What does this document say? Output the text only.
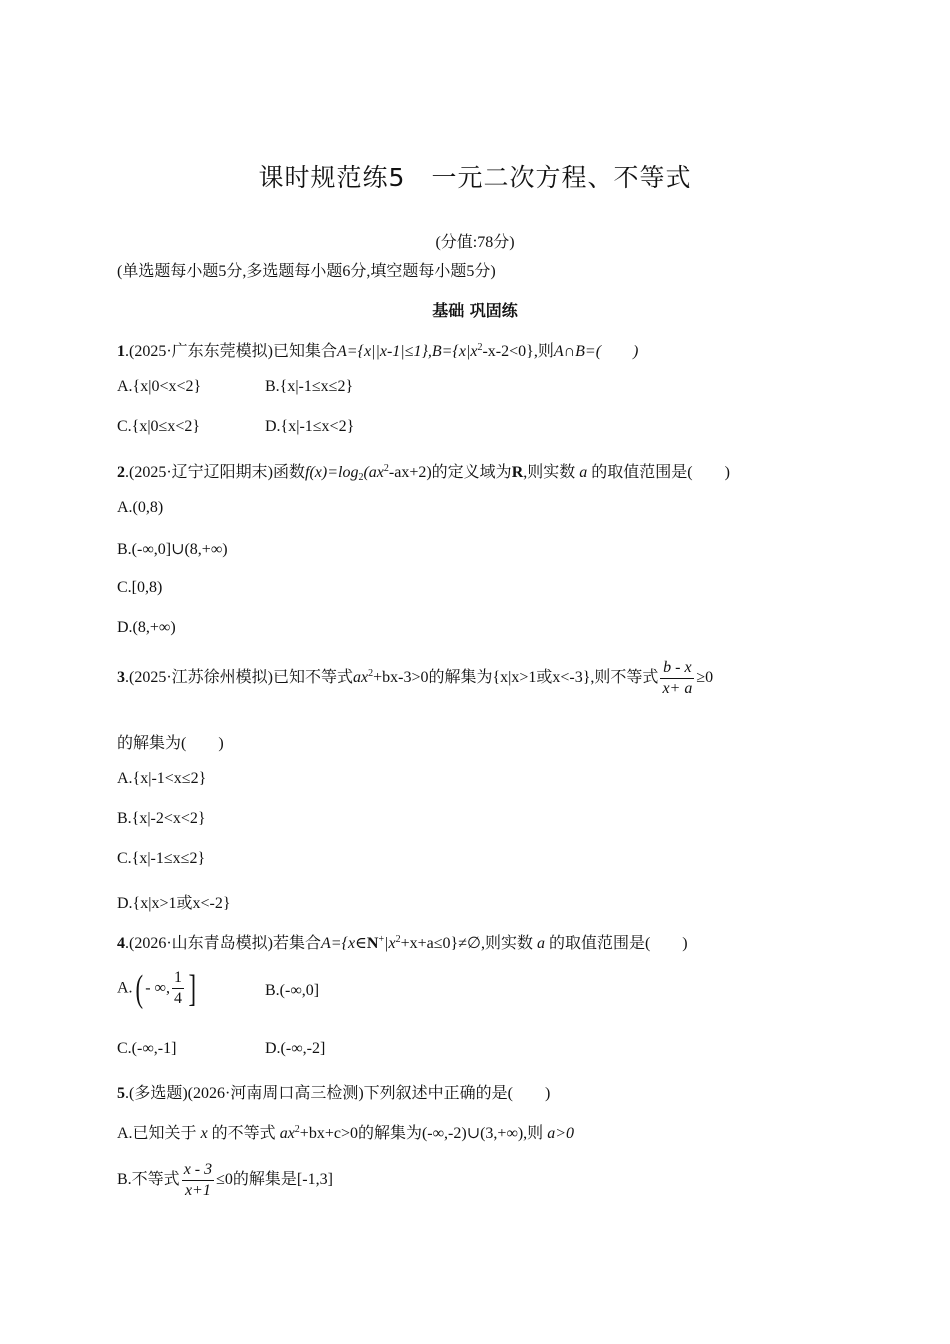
课时规范练5　一元二次方程、不等式
(分值:78分)
(单选题每小题5分,多选题每小题6分,填空题每小题5分)
基础 巩固练
1.(2025·广东东莞模拟)已知集合$A=\{x||x-1|\le 1\},B=\{x|x^2-x-2<0\}$,则A∩B=(　　)
A.{x|0<x<2}	B.{x|-1≤x≤2}
C.{x|0≤x<2}	D.{x|-1≤x<2}
2.(2025·辽宁辽阳期末)函数$f(x)=\log_2(ax^2-ax+2)$的定义域为R,则实数 a 的取值范围是(　　)
A.(0,8)
B.(-∞,0]∪(8,+∞)
C.[0,8)
D.(8,+∞)
3.(2025·江苏徐州模拟)已知不等式$ax^2+bx-3>0$的解集为{x|x>1或x<-3},则不等式 $\frac{b - x}{x+ a} \ge 0$
的解集为(　　)
A.{x|-1<x≤2}
B.{x|-2<x<2}
C.{x|-1≤x≤2}
D.{x|x>1或x<-2}
4.(2026·山东青岛模拟)若集合$A=\{x\in N^+|x^2+x+a\le 0\}\ne\emptyset$,则实数 a 的取值范围是(　　)
A.( - ∞, $\frac{1}{4}$ ]	B.(-∞,0]
C.(-∞,-1]	D.(-∞,-2]
5.(多选题)(2026·河南周口高三检测)下列叙述中正确的是(　　)
A.已知关于 x 的不等式 $ax^2+bx+c>0$的解集为(-∞,-2)∪(3,+∞),则 a>0
B.不等式 $\frac{x - 3}{x+1} \le 0$的解集是[-1,3]
